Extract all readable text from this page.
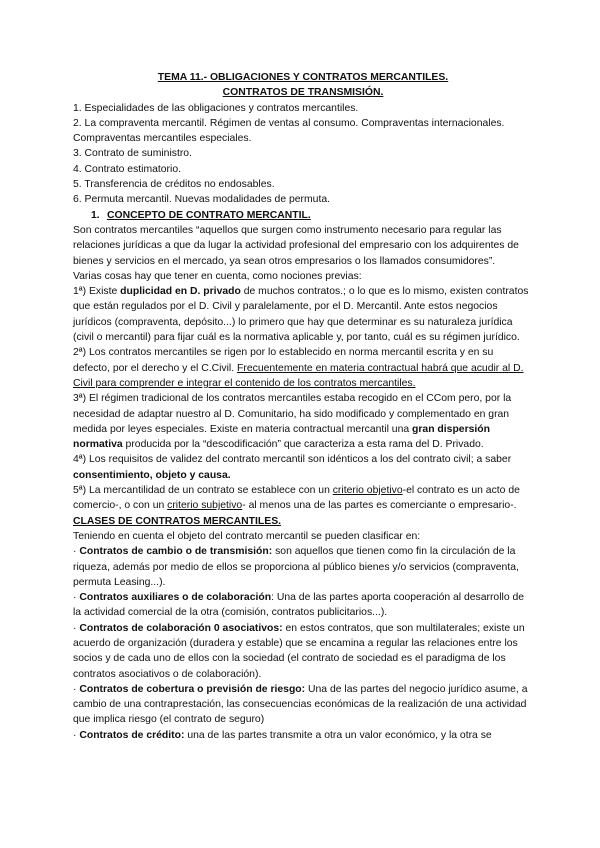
TEMA 11.- OBLIGACIONES Y CONTRATOS MERCANTILES.

CONTRATOS DE TRANSMISIÓN.

1. Especialidades de las obligaciones y contratos mercantiles.

2. La compraventa mercantil. Régimen de ventas al consumo. Compraventas internacionales. Compraventas mercantiles especiales.

3. Contrato de suministro.

4. Contrato estimatorio.

5. Transferencia de créditos no endosables.

6. Permuta mercantil. Nuevas modalidades de permuta.

1. CONCEPTO DE CONTRATO MERCANTIL.

Son contratos mercantiles “aquellos que surgen como instrumento necesario para regular las relaciones jurídicas a que da lugar la actividad profesional del empresario con los adquirentes de bienes y servicios en el mercado, ya sean otros empresarios o los llamados consumidores”.

Varias cosas hay que tener en cuenta, como nociones previas:

1ª) Existe duplicidad en D. privado de muchos contratos.; o lo que es lo mismo, existen contratos que están regulados por el D. Civil y paralelamente, por el D. Mercantil. Ante estos negocios jurídicos (compraventa, depósito...) lo primero que hay que determinar es su naturaleza jurídica (civil o mercantil) para fijar cuál es la normativa aplicable y, por tanto, cuál es su régimen jurídico.

2ª) Los contratos mercantiles se rigen por lo establecido en norma mercantil escrita y en su defecto, por el derecho y el C.Civil. Frecuentemente en materia contractual habrá que acudir al D. Civil para comprender e integrar el contenido de los contratos mercantiles.

3ª) El régimen tradicional de los contratos mercantiles estaba recogido en el CCom pero, por la necesidad de adaptar nuestro al D. Comunitario, ha sido modificado y complementado en gran medida por leyes especiales. Existe en materia contractual mercantil una gran dispersión normativa producida por la “descodificación” que caracteriza a esta rama del D. Privado.

4ª) Los requisitos de validez del contrato mercantil son idénticos a los del contrato civil; a saber consentimiento, objeto y causa.

5ª) La mercantilidad de un contrato se establece con un criterio objetivo-el contrato es un acto de comercio-, o con un criterio subjetivo- al menos una de las partes es comerciante o empresario-.

CLASES DE CONTRATOS MERCANTILES.

Teniendo en cuenta el objeto del contrato mercantil se pueden clasificar en:

· Contratos de cambio o de transmisión: son aquellos que tienen como fin la circulación de la riqueza, además por medio de ellos se proporciona al público bienes y/o servicios (compraventa, permuta Leasing...).

· Contratos auxiliares o de colaboración: Una de las partes aporta cooperación al desarrollo de la actividad comercial de la otra (comisión, contratos publicitarios...).

· Contratos de colaboración 0 asociativos: en estos contratos, que son multilaterales; existe un acuerdo de organización (duradera y estable) que se encamina a regular las relaciones entre los socios y de cada uno de ellos con la sociedad (el contrato de sociedad es el paradigma de los contratos asociativos o de colaboración).

· Contratos de cobertura o previsión de riesgo: Una de las partes del negocio jurídico asume, a cambio de una contraprestación, las consecuencias económicas de la realización de una actividad que implica riesgo (el contrato de seguro)

· Contratos de crédito: una de las partes transmite a otra un valor económico, y la otra se
